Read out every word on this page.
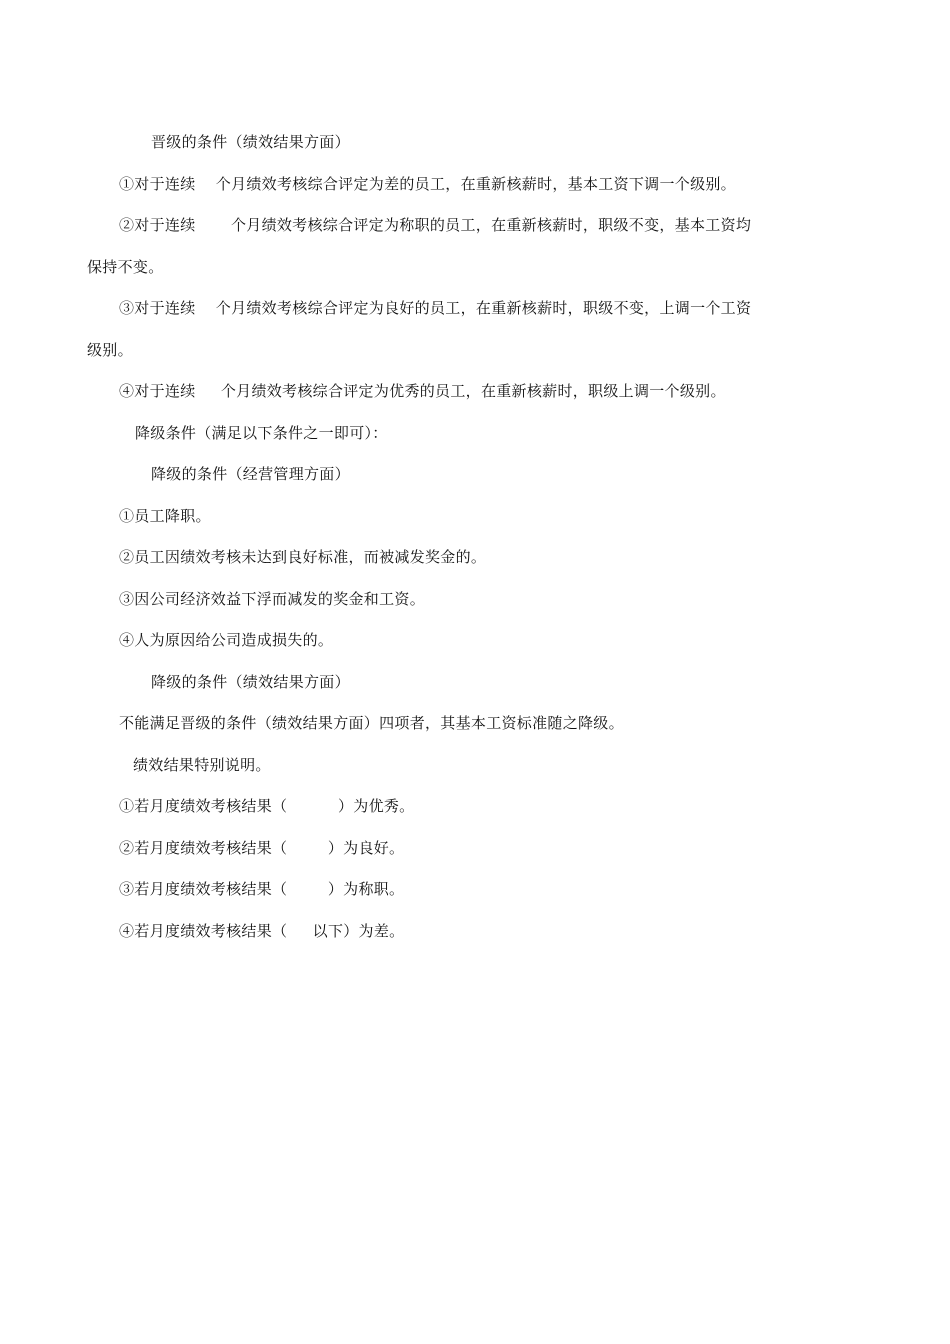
晋级的条件（绩效结果方面）
①对于连续    个月绩效考核综合评定为差的员工，在重新核薪时，基本工资下调一个级别。
②对于连续       个月绩效考核综合评定为称职的员工，在重新核薪时，职级不变，基本工资均
保持不变。
③对于连续    个月绩效考核综合评定为良好的员工，在重新核薪时，职级不变，上调一个工资
级别。
④对于连续     个月绩效考核综合评定为优秀的员工，在重新核薪时，职级上调一个级别。
降级条件（满足以下条件之一即可）：
降级的条件（经营管理方面）
①员工降职。
②员工因绩效考核未达到良好标准，而被减发奖金的。
③因公司经济效益下浮而减发的奖金和工资。
④人为原因给公司造成损失的。
降级的条件（绩效结果方面）
不能满足晋级的条件（绩效结果方面）四项者，其基本工资标准随之降级。
绩效结果特别说明。
①若月度绩效考核结果（          ）为优秀。
②若月度绩效考核结果（        ）为良好。
③若月度绩效考核结果（        ）为称职。
④若月度绩效考核结果（     以下）为差。
